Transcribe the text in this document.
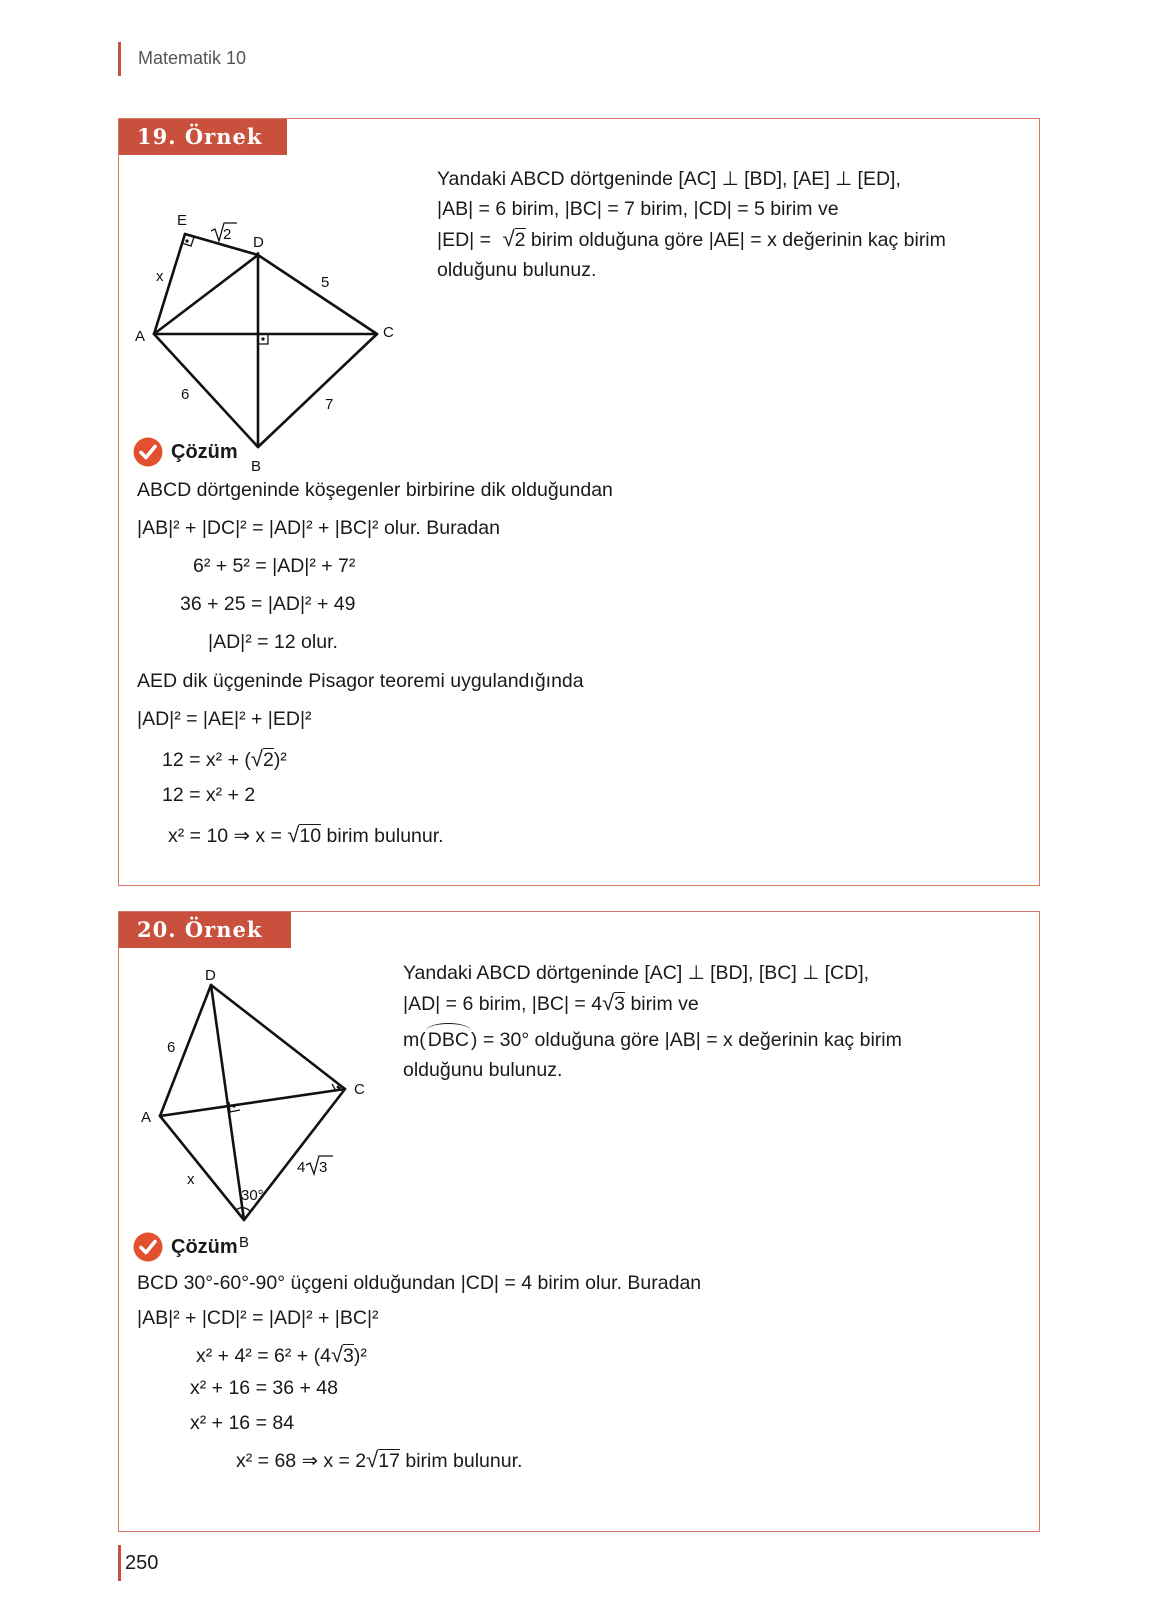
Matematik 10
19. Örnek
E
D
A	C
B
x	5
6
7
2
Yandaki ABCD dörtgeninde [AC] ⊥ [BD], [AE] ⊥ [ED],
|AB| = 6 birim, |BC| = 7 birim, |CD| = 5 birim ve
|ED| =  √2 birim olduğuna göre |AE| = x değerinin kaç birim
olduğunu bulunuz.
Çözüm
ABCD dörtgeninde köşegenler birbirine dik olduğundan
|AB|² + |DC|² = |AD|² + |BC|² olur. Buradan
6² + 5² = |AD|² + 7²
36 + 25 = |AD|² + 49
|AD|² = 12 olur.
AED dik üçgeninde Pisagor teoremi uygulandığında
|AD|² = |AE|² + |ED|²
12 = x² + (√2)²
12 = x² + 2
x² = 10 ⇒ x = √10 birim bulunur.
20. Örnek
D
A
C
B
x
6
30°
4 3
Yandaki ABCD dörtgeninde [AC] ⊥ [BD], [BC] ⊥ [CD],
|AD| = 6 birim, |BC| = 4√3 birim ve
m( DBC ) = 30° olduğuna göre |AB| = x değerinin kaç birim
olduğunu bulunuz.
Çözüm
BCD 30°-60°-90° üçgeni olduğundan |CD| = 4 birim olur. Buradan
|AB|² + |CD|² = |AD|² + |BC|²
x² + 4² = 6² + (4√3)²
x² + 16 = 36 + 48
x² + 16 = 84
x² = 68 ⇒ x = 2√17 birim bulunur.
250
